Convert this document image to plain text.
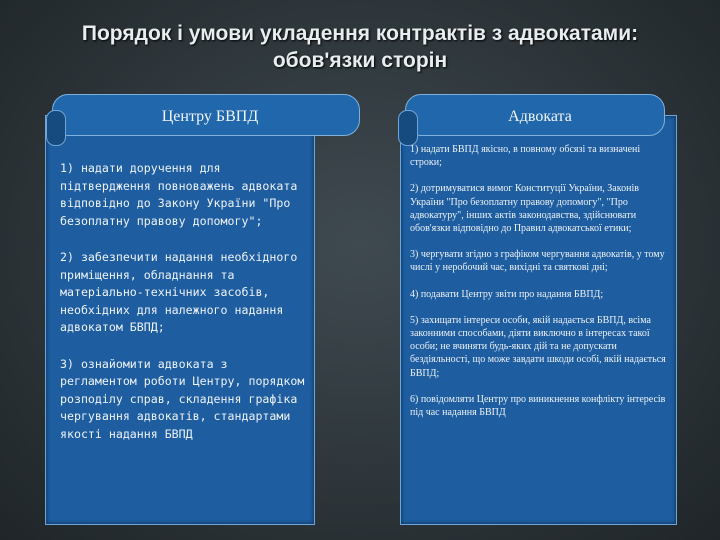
Порядок і умови укладення контрактів з адвокатами:
обов'язки сторін
Центру БВПД

1) надати доручення для підтвердження повноважень адвоката відповідно до Закону України "Про безоплатну правову допомогу";

2) забезпечити надання необхідного приміщення, обладнання та матеріально-технічних засобів, необхідних для належного надання адвокатом БВПД;

3) ознайомити адвоката з регламентом роботи Центру, порядком розподілу справ, складення графіка чергування адвокатів, стандартами якості надання БВПД

Адвоката

1) надати БВПД якісно, в повному обсязі та визначені строки;

2) дотримуватися вимог Конституції України, Законів України "Про безоплатну правову допомогу", "Про адвокатуру", інших актів законодавства, здійснювати обов'язки відповідно до Правил адвокатської етики;

3) чергувати згідно з графіком чергування адвокатів, у тому числі у неробочий час, вихідні та святкові дні;

4) подавати Центру звіти про надання БВПД;

5) захищати інтереси особи, якій надається БВПД, всіма законними способами, діяти виключно в інтересах такої особи; не вчиняти будь-яких дій та не допускати бездіяльності, що може завдати шкоди особі, якій надається БВПД;

6) повідомляти Центру про виникнення конфлікту інтересів під час надання БВПД
